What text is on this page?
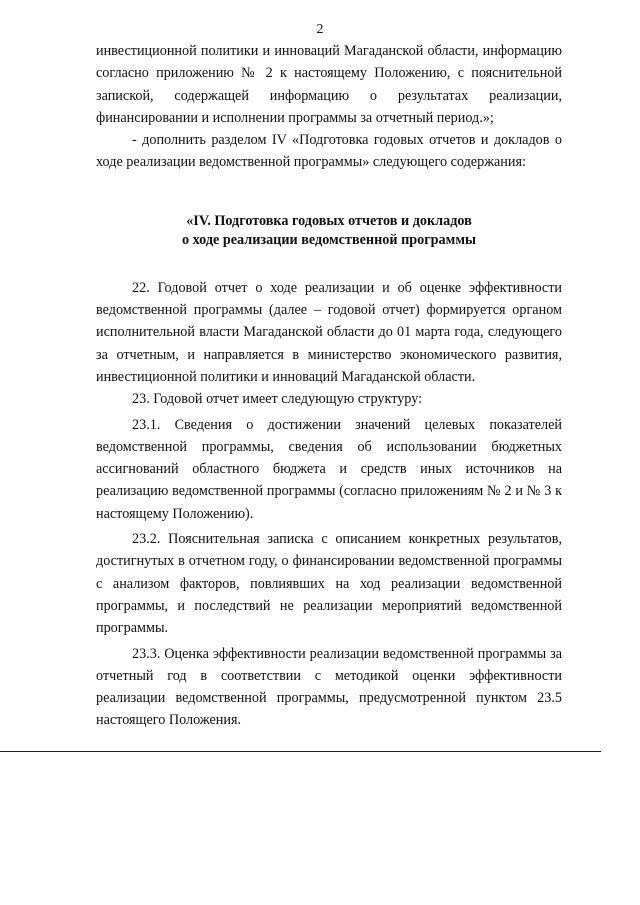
2

инвестиционной политики и инноваций Магаданской области, информацию согласно приложению № 2 к настоящему Положению, с пояснительной запиской, содержащей информацию о результатах реализации, финансировании и исполнении программы за отчетный период.»;

- дополнить разделом IV «Подготовка годовых отчетов и докладов о ходе реализации ведомственной программы» следующего содержания:

«IV. Подготовка годовых отчетов и докладов
о ходе реализации ведомственной программы

22. Годовой отчет о ходе реализации и об оценке эффективности ведомственной программы (далее – годовой отчет) формируется органом исполнительной власти Магаданской области до 01 марта года, следующего за отчетным, и направляется в министерство экономического развития, инвестиционной политики и инноваций Магаданской области.

23. Годовой отчет имеет следующую структуру:

23.1. Сведения о достижении значений целевых показателей ведомственной программы, сведения об использовании бюджетных ассигнований областного бюджета и средств иных источников на реализацию ведомственной программы (согласно приложениям № 2 и № 3 к настоящему Положению).

23.2. Пояснительная записка с описанием конкретных результатов, достигнутых в отчетном году, о финансировании ведомственной программы с анализом факторов, повлиявших на ход реализации ведомственной программы, и последствий не реализации мероприятий ведомственной программы.

23.3. Оценка эффективности реализации ведомственной программы за отчетный год в соответствии с методикой оценки эффективности реализации ведомственной программы, предусмотренной пунктом 23.5 настоящего Положения.
